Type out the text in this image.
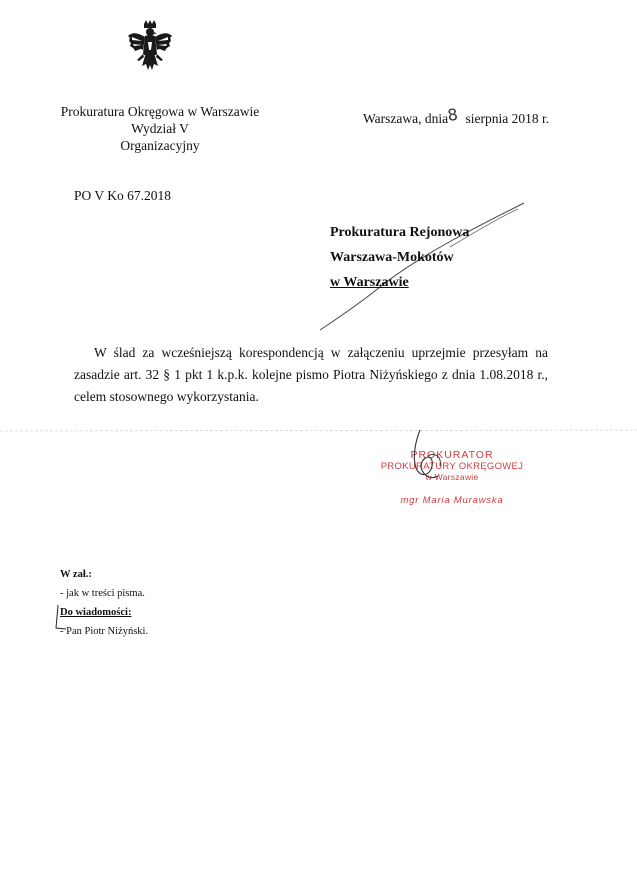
Prokuratura Okręgowa w Warszawie
Wydział V
Organizacyjny
Warszawa, dnia8 sierpnia 2018 r.
PO V Ko 67.2018
Prokuratura Rejonowa
Warszawa-Mokotów
w Warszawie

W ślad za wcześniejszą korespondencją w załączeniu uprzejmie przesyłam na zasadzie art. 32 § 1 pkt 1 k.p.k. kolejne pismo Piotra Niżyńskiego z dnia 1.08.2018 r., celem stosownego wykorzystania.

PROKURATOR
PROKURATURY OKRĘGOWEJ
w Warszawie
mgr Maria Murawska
W zał.:
- jak w treści pisma.
Do wiadomości:
- Pan Piotr Niżyński.
